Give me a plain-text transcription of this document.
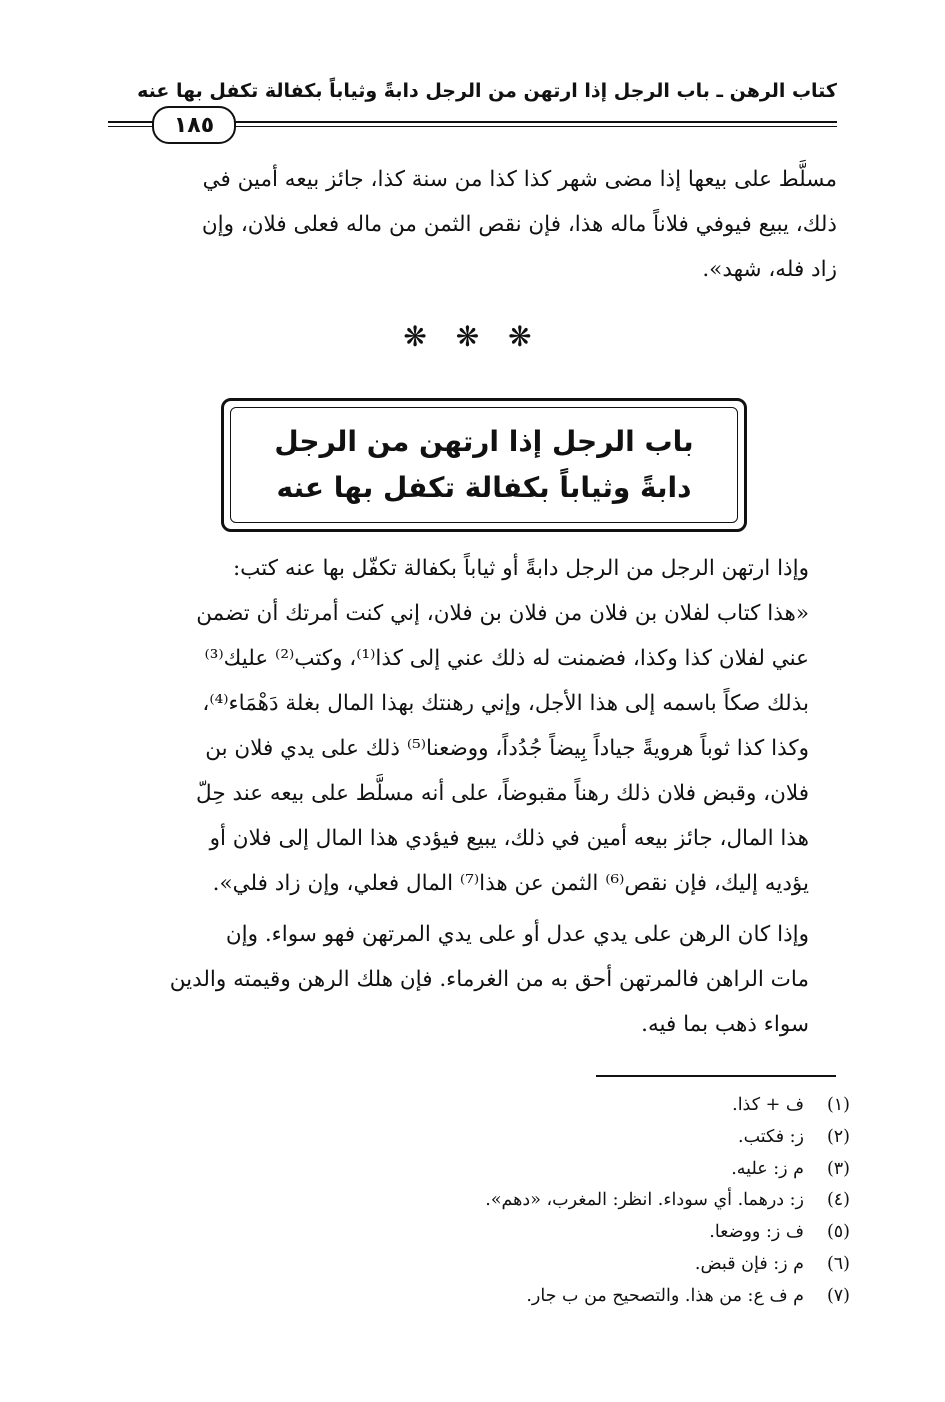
كتاب الرهن ـ باب الرجل إذا ارتهن من الرجل دابةً وثياباً بكفالة تكفل بها عنه
١٨٥
مسلَّط على بيعها إذا مضى شهر كذا كذا من سنة كذا، جائز بيعه أمين في
ذلك، يبيع فيوفي فلاناً ماله هذا، فإن نقص الثمن من ماله فعلى فلان، وإن
زاد فله، شهد».
❋ ❋ ❋
باب الرجل إذا ارتهن من الرجل
دابةً وثياباً بكفالة تكفل بها عنه
وإذا ارتهن الرجل من الرجل دابةً أو ثياباً بكفالة تكفّل بها عنه كتب:
«هذا كتاب لفلان بن فلان من فلان بن فلان، إني كنت أمرتك أن تضمن
عني لفلان كذا وكذا، فضمنت له ذلك عني إلى كذا⁽¹⁾، وكتب⁽²⁾ عليك⁽³⁾
بذلك صكاً باسمه إلى هذا الأجل، وإني رهنتك بهذا المال بغلة دَهْمَاء⁽⁴⁾،
وكذا كذا ثوباً هرويةً جياداً بِيضاً جُدُداً، ووضعنا⁽⁵⁾ ذلك على يدي فلان بن
فلان، وقبض فلان ذلك رهناً مقبوضاً، على أنه مسلَّط على بيعه عند حِلّ
هذا المال، جائز بيعه أمين في ذلك، يبيع فيؤدي هذا المال إلى فلان أو
يؤديه إليك، فإن نقص⁽⁶⁾ الثمن عن هذا⁽⁷⁾ المال فعلي، وإن زاد فلي».
وإذا كان الرهن على يدي عدل أو على يدي المرتهن فهو سواء. وإن
مات الراهن فالمرتهن أحق به من الغرماء. فإن هلك الرهن وقيمته والدين
سواء ذهب بما فيه.
(١)ف + كذا.
(٢)ز: فكتب.
(٣)م ز: عليه.
(٤)ز: درهما. أي سوداء. انظر: المغرب، «دهم».
(٥)ف ز: ووضعا.
(٦)م ز: فإن قبض.
(٧)م ف ع: من هذا. والتصحيح من ب جار.
